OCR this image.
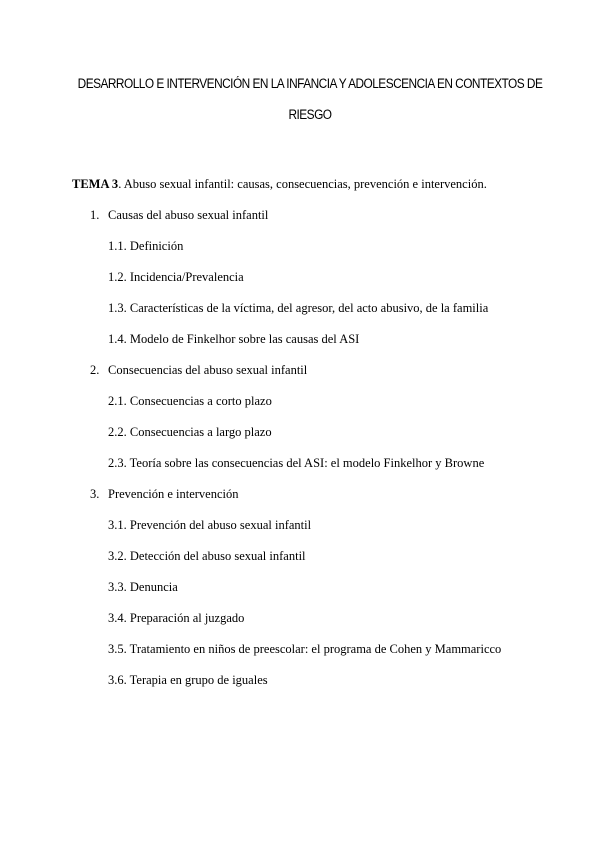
DESARROLLO E INTERVENCIÓN EN LA INFANCIA Y ADOLESCENCIA EN CONTEXTOS DE
RIESGO
TEMA 3. Abuso sexual infantil: causas, consecuencias, prevención e intervención.
1. Causas del abuso sexual infantil
1.1. Definición
1.2. Incidencia/Prevalencia
1.3. Características de la víctima, del agresor, del acto abusivo, de la familia
1.4. Modelo de Finkelhor sobre las causas del ASI
2. Consecuencias del abuso sexual infantil
2.1. Consecuencias a corto plazo
2.2. Consecuencias a largo plazo
2.3. Teoría sobre las consecuencias del ASI: el modelo Finkelhor y Browne
3. Prevención e intervención
3.1. Prevención del abuso sexual infantil
3.2. Detección del abuso sexual infantil
3.3. Denuncia
3.4. Preparación al juzgado
3.5. Tratamiento en niños de preescolar: el programa de Cohen y Mammaricco
3.6. Terapia en grupo de iguales
